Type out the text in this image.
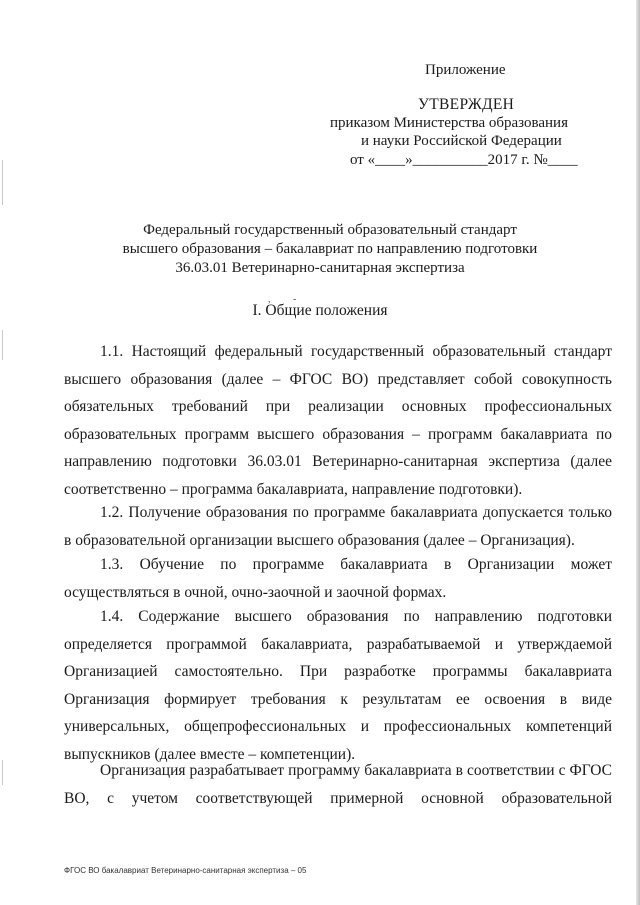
Приложение
УТВЕРЖДЕН
приказом Министерства образования
и науки Российской Федерации
от «____»__________2017 г. №____
Федеральный государственный образовательный стандарт
высшего образования – бакалавриат по направлению подготовки
36.03.01 Ветеринарно-санитарная экспертиза
,         -
I. Общие положения
1.1. Настоящий федеральный государственный образовательный стандарт высшего образования (далее – ФГОС ВО) представляет собой совокупность обязательных требований при реализации основных профессиональных образовательных программ высшего образования – программ бакалавриата по направлению подготовки 36.03.01 Ветеринарно-санитарная экспертиза (далее соответственно – программа бакалавриата, направление подготовки).
1.2. Получение образования по программе бакалавриата допускается только в образовательной организации высшего образования (далее – Организация).
1.3. Обучение по программе бакалавриата в Организации может осуществляться в очной, очно-заочной и заочной формах.
1.4. Содержание высшего образования по направлению подготовки определяется программой бакалавриата, разрабатываемой и утверждаемой Организацией самостоятельно. При разработке программы бакалавриата Организация формирует требования к результатам ее освоения в виде универсальных, общепрофессиональных и профессиональных компетенций выпускников (далее вместе – компетенции).
Организация разрабатывает программу бакалавриата в соответствии с ФГОС ВО, с учетом соответствующей примерной основной образовательной
ФГОС ВО бакалавриат Ветеринарно-санитарная экспертиза – 05
